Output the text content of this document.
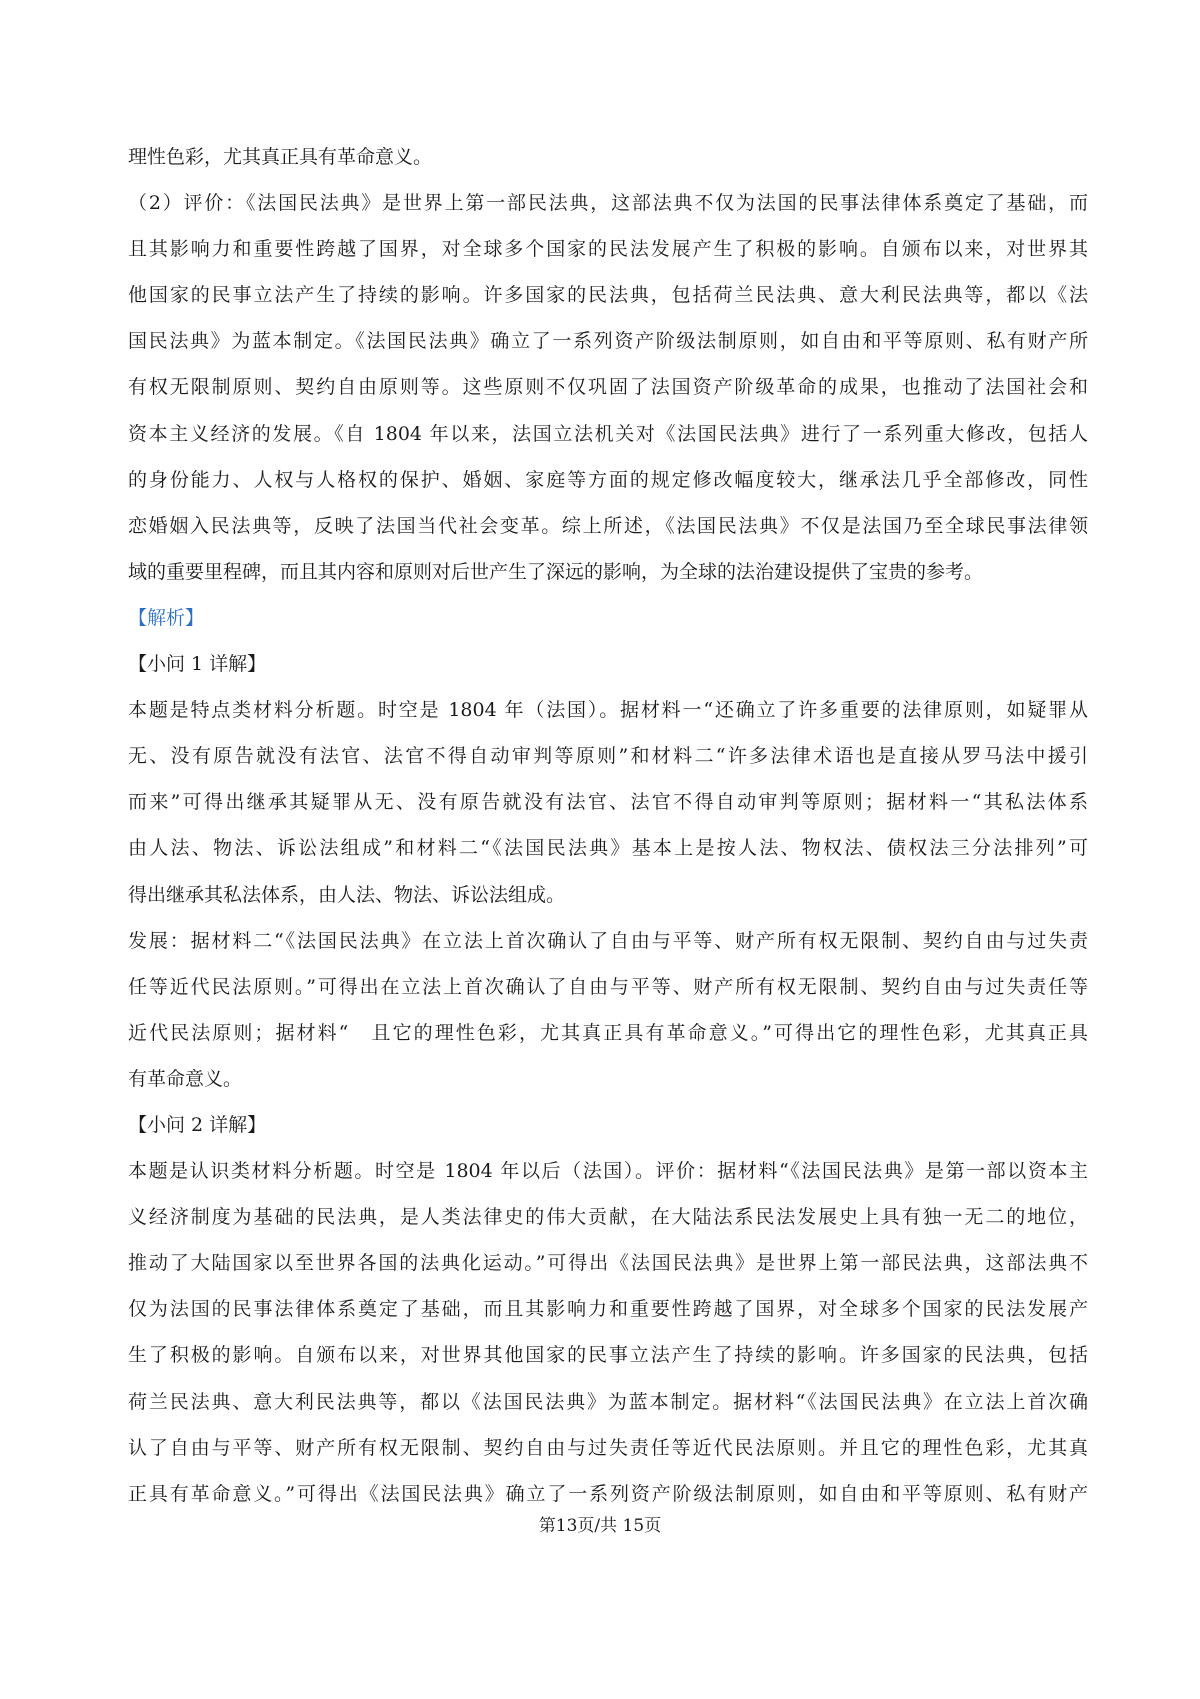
理性色彩，尤其真正具有革命意义。
（2）评价：《法国民法典》是世界上第一部民法典，这部法典不仅为法国的民事法律体系奠定了基础，而
且其影响力和重要性跨越了国界，对全球多个国家的民法发展产生了积极的影响。自颁布以来，对世界其
他国家的民事立法产生了持续的影响。许多国家的民法典，包括荷兰民法典、意大利民法典等，都以《法
国民法典》为蓝本制定。《法国民法典》确立了一系列资产阶级法制原则，如自由和平等原则、私有财产所
有权无限制原则、契约自由原则等。这些原则不仅巩固了法国资产阶级革命的成果，也推动了法国社会和
资本主义经济的发展。《自 1804 年以来，法国立法机关对《法国民法典》进行了一系列重大修改，包括人
的身份能力、人权与人格权的保护、婚姻、家庭等方面的规定修改幅度较大，继承法几乎全部修改，同性
恋婚姻入民法典等，反映了法国当代社会变革。综上所述，《法国民法典》不仅是法国乃至全球民事法律领
域的重要里程碑，而且其内容和原则对后世产生了深远的影响，为全球的法治建设提供了宝贵的参考。
【解析】
【小问 1 详解】
本题是特点类材料分析题。时空是 1804 年（法国）。据材料一“还确立了许多重要的法律原则，如疑罪从
无、没有原告就没有法官、法官不得自动审判等原则”和材料二“许多法律术语也是直接从罗马法中援引
而来”可得出继承其疑罪从无、没有原告就没有法官、法官不得自动审判等原则；据材料一“其私法体系
由人法、物法、诉讼法组成”和材料二“《法国民法典》基本上是按人法、物权法、债权法三分法排列”可
得出继承其私法体系，由人法、物法、诉讼法组成。
发展：据材料二“《法国民法典》在立法上首次确认了自由与平等、财产所有权无限制、契约自由与过失责
任等近代民法原则。”可得出在立法上首次确认了自由与平等、财产所有权无限制、契约自由与过失责任等
近代民法原则；据材料“　且它的理性色彩，尤其真正具有革命意义。”可得出它的理性色彩，尤其真正具
有革命意义。
【小问 2 详解】
本题是认识类材料分析题。时空是 1804 年以后（法国）。评价：据材料“《法国民法典》是第一部以资本主
义经济制度为基础的民法典，是人类法律史的伟大贡献，在大陆法系民法发展史上具有独一无二的地位，
推动了大陆国家以至世界各国的法典化运动。”可得出《法国民法典》是世界上第一部民法典，这部法典不
仅为法国的民事法律体系奠定了基础，而且其影响力和重要性跨越了国界，对全球多个国家的民法发展产
生了积极的影响。自颁布以来，对世界其他国家的民事立法产生了持续的影响。许多国家的民法典，包括
荷兰民法典、意大利民法典等，都以《法国民法典》为蓝本制定。据材料“《法国民法典》在立法上首次确
认了自由与平等、财产所有权无限制、契约自由与过失责任等近代民法原则。并且它的理性色彩，尤其真
正具有革命意义。”可得出《法国民法典》确立了一系列资产阶级法制原则，如自由和平等原则、私有财产
第13页/共 15页
